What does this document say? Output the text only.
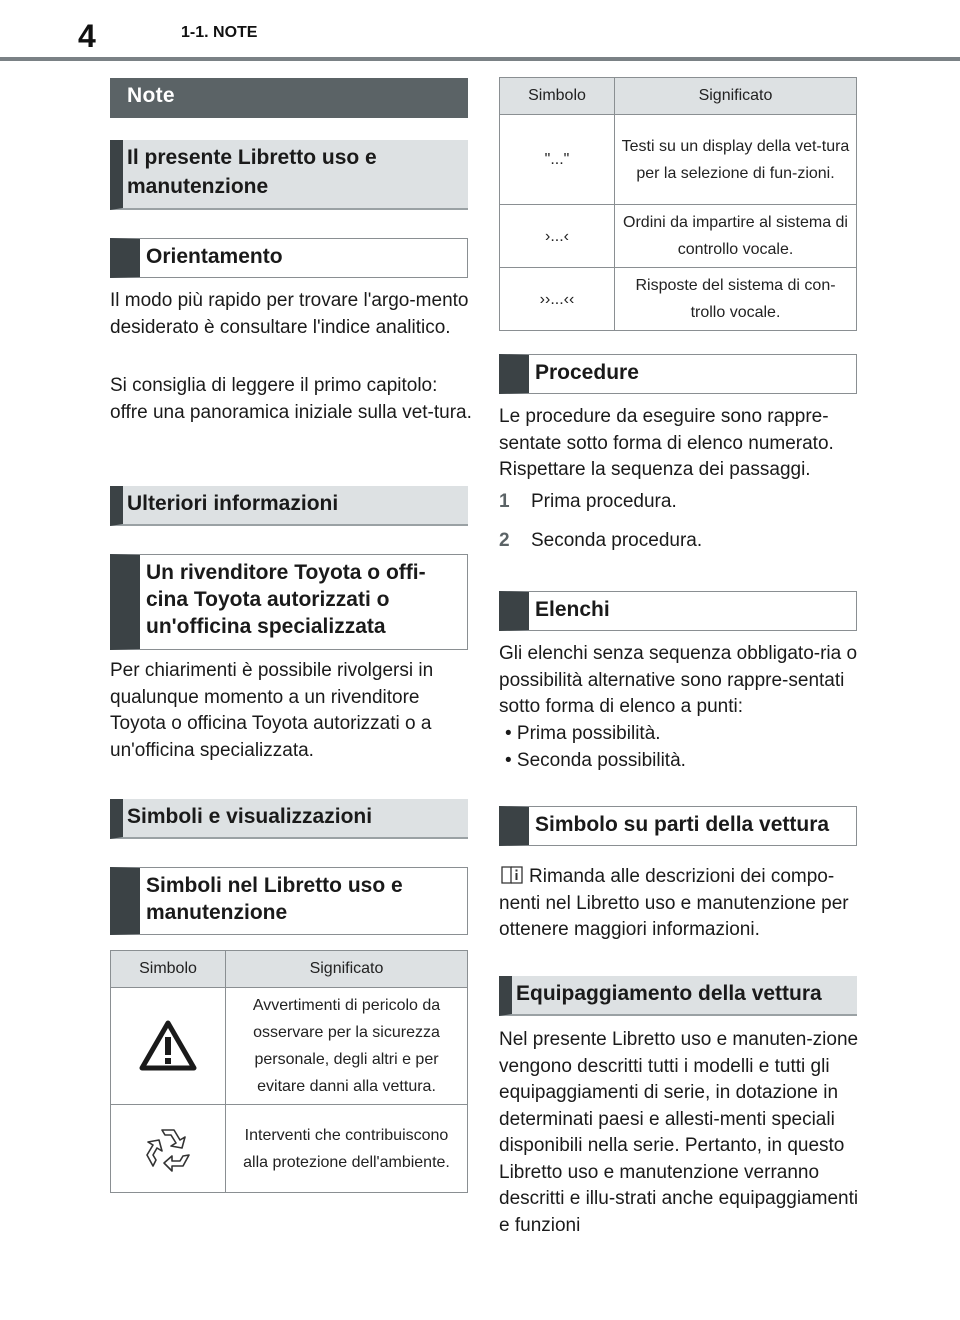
4	1-1. NOTE
Note
Il presente Libretto uso e manutenzione
Orientamento

Il modo più rapido per trovare l'argo-mento desiderato è consultare l'indice analitico.

Si consiglia di leggere il primo capitolo: offre una panoramica iniziale sulla vet-tura.

Ulteriori informazioni
Un rivenditore Toyota o offi-cina Toyota autorizzati o un'officina specializzata

Per chiarimenti è possibile rivolgersi in qualunque momento a un rivenditore Toyota o officina Toyota autorizzati o a un'officina specializzata.

Simboli e visualizzazioni
Simboli nel Libretto uso e manutenzione
Simbolo	Significato

	Avvertimenti di pericolo da osservare per la sicurezza personale, degli altri e per evitare danni alla vettura.

	Interventi che contribuiscono alla protezione dell'ambiente.
Simbolo	Significato
"..."	Testi su un display della vet-tura per la selezione di fun-zioni.
›...‹	Ordini da impartire al sistema di controllo vocale.
››...‹‹	Risposte del sistema di con-trollo vocale.
Procedure

Le procedure da eseguire sono rappre-sentate sotto forma di elenco numerato. Rispettare la sequenza dei passaggi.

1 Prima procedura.
2 Seconda procedura.
Elenchi

Gli elenchi senza sequenza obbligato-ria o possibilità alternative sono rappre-sentati sotto forma di elenco a punti:

• Prima possibilità.
• Seconda possibilità.
Simbolo su parti della vettura
Rimanda alle descrizioni dei compo-nenti nel Libretto uso e manutenzione per ottenere maggiori informazioni.
Equipaggiamento della vettura

Nel presente Libretto uso e manuten-zione vengono descritti tutti i modelli e tutti gli equipaggiamenti di serie, in dotazione in determinati paesi e allesti-menti speciali disponibili nella serie. Pertanto, in questo Libretto uso e manutenzione verranno descritti e illu-strati anche equipaggiamenti e funzioni
